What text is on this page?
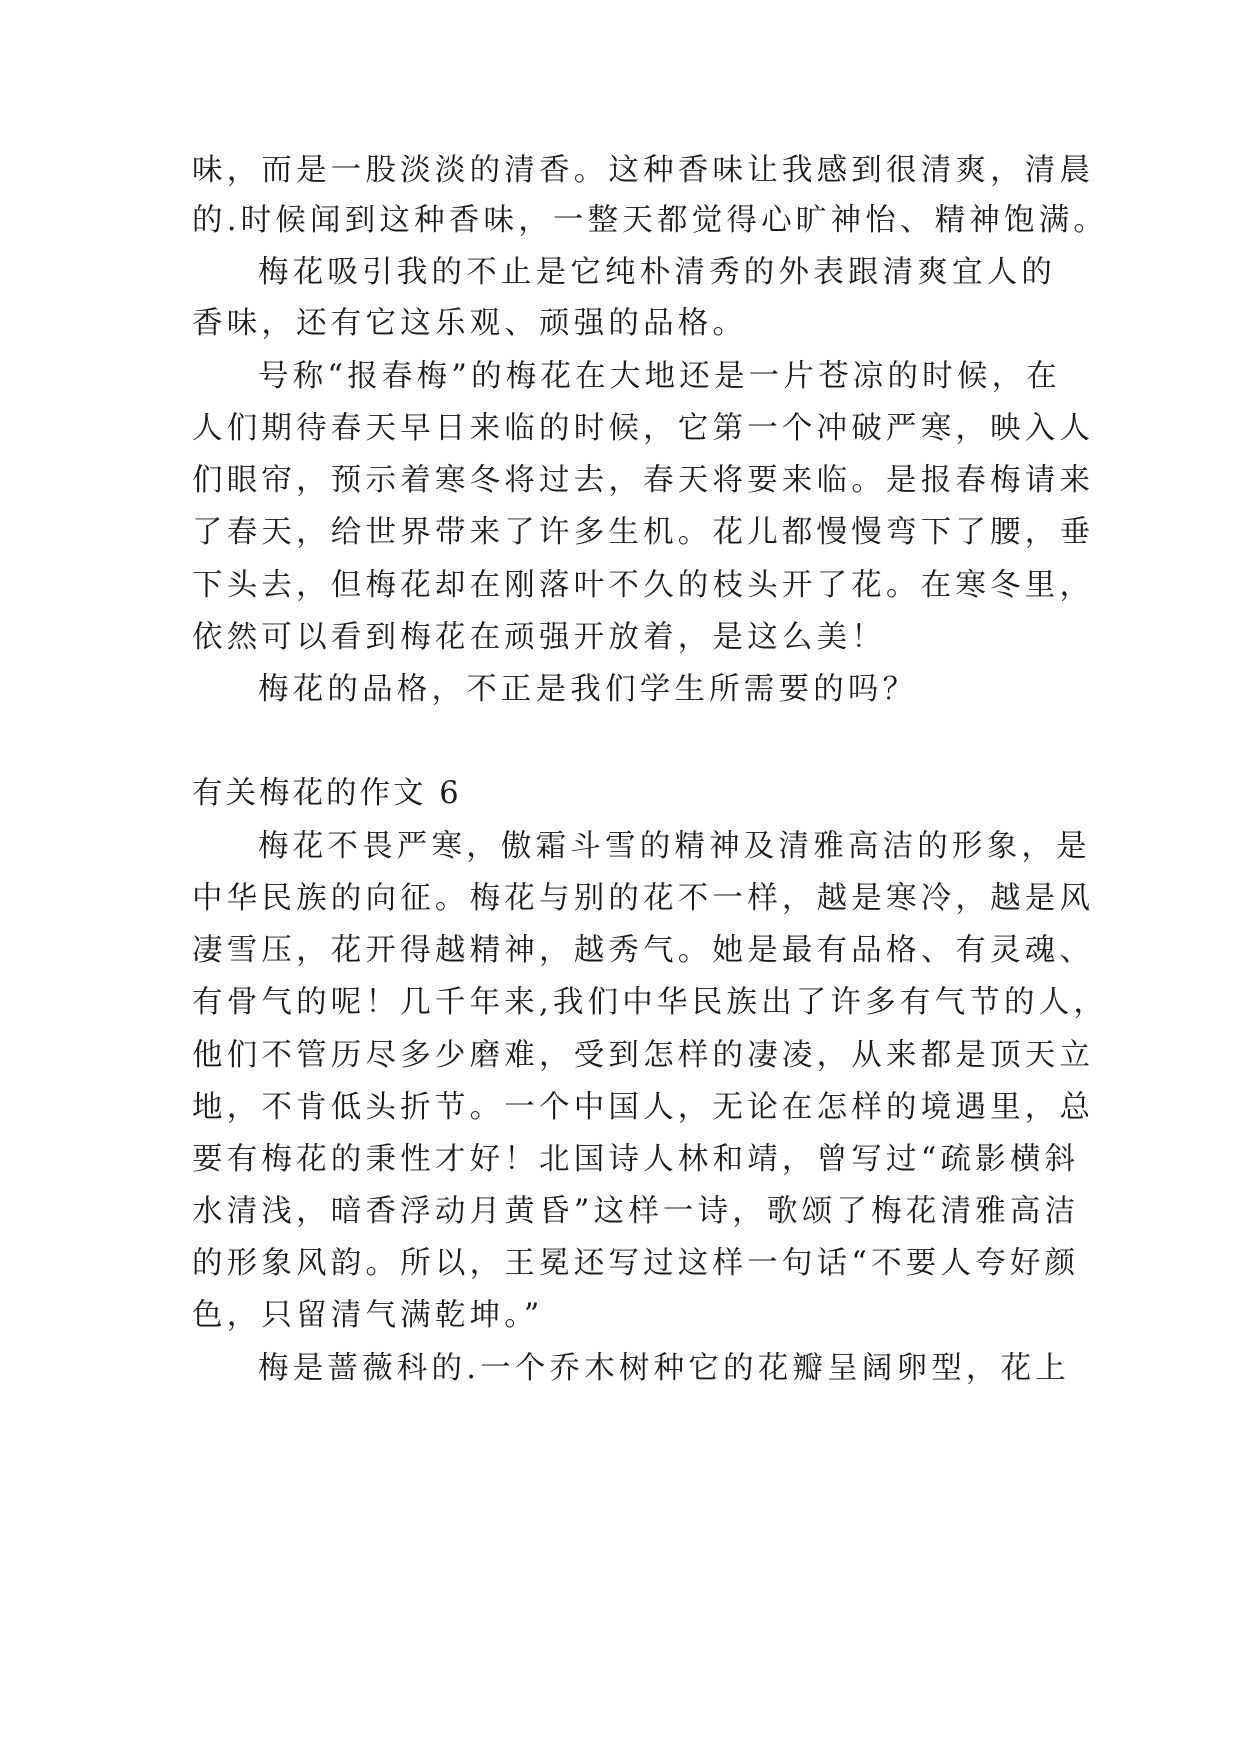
味，而是一股淡淡的清香。这种香味让我感到很清爽，清晨

的.时候闻到这种香味，一整天都觉得心旷神怡、精神饱满。

梅花吸引我的不止是它纯朴清秀的外表跟清爽宜人的

香味，还有它这乐观、顽强的品格。

号称“报春梅”的梅花在大地还是一片苍凉的时候，在

人们期待春天早日来临的时候，它第一个冲破严寒，映入人

们眼帘，预示着寒冬将过去，春天将要来临。是报春梅请来

了春天，给世界带来了许多生机。花儿都慢慢弯下了腰，垂

下头去，但梅花却在刚落叶不久的枝头开了花。在寒冬里，

依然可以看到梅花在顽强开放着，是这么美！

梅花的品格，不正是我们学生所需要的吗？

有关梅花的作文 6

梅花不畏严寒，傲霜斗雪的精神及清雅高洁的形象，是

中华民族的向征。梅花与别的花不一样，越是寒冷，越是风

凄雪压，花开得越精神，越秀气。她是最有品格、有灵魂、

有骨气的呢！几千年来,我们中华民族出了许多有气节的人，

他们不管历尽多少磨难，受到怎样的凄凌，从来都是顶天立

地，不肯低头折节。一个中国人，无论在怎样的境遇里，总

要有梅花的秉性才好！北国诗人林和靖，曾写过“疏影横斜

水清浅，暗香浮动月黄昏”这样一诗，歌颂了梅花清雅高洁

的形象风韵。所以，王冕还写过这样一句话“不要人夸好颜

色，只留清气满乾坤。”

梅是蔷薇科的.一个乔木树种它的花瓣呈阔卵型，花上
